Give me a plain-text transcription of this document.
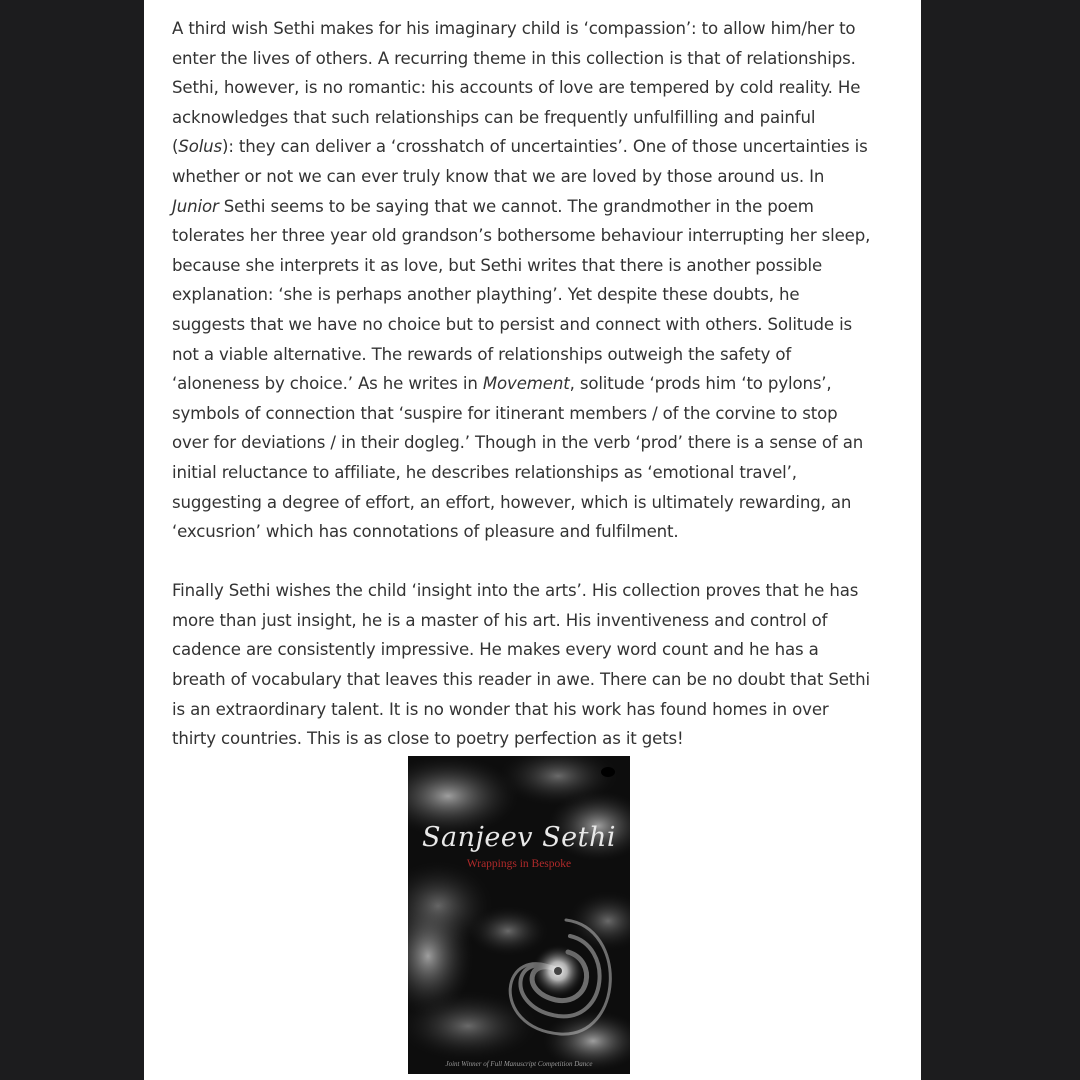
A third wish Sethi makes for his imaginary child is ‘compassion’: to allow him/her to enter the lives of others. A recurring theme in this collection is that of relationships. Sethi, however, is no romantic: his accounts of love are tempered by cold reality. He acknowledges that such relationships can be frequently unfulfilling and painful (Solus): they can deliver a ‘crosshatch of uncertainties’. One of those uncertainties is whether or not we can ever truly know that we are loved by those around us. In Junior Sethi seems to be saying that we cannot. The grandmother in the poem tolerates her three year old grandson’s bothersome behaviour interrupting her sleep, because she interprets it as love, but Sethi writes that there is another possible explanation: ‘she is perhaps another plaything’. Yet despite these doubts, he suggests that we have no choice but to persist and connect with others. Solitude is not a viable alternative. The rewards of relationships outweigh the safety of ‘aloneness by choice.’ As he writes in Movement, solitude ‘prods him ‘to pylons’, symbols of connection that ‘suspire for itinerant members / of the corvine to stop over for deviations / in their dogleg.’ Though in the verb ‘prod’ there is a sense of an initial reluctance to affiliate, he describes relationships as ‘emotional travel’, suggesting a degree of effort, an effort, however, which is ultimately rewarding, an ‘excusrion’ which has connotations of pleasure and fulfilment.

Finally Sethi wishes the child ‘insight into the arts’. His collection proves that he has more than just insight, he is a master of his art. His inventiveness and control of cadence are consistently impressive. He makes every word count and he has a breath of vocabulary that leaves this reader in awe. There can be no doubt that Sethi is an extraordinary talent. It is no wonder that his work has found homes in over thirty countries. This is as close to poetry perfection as it gets!

Sanjeev Sethi
Wrappings in Bespoke
Joint Winner of Full Manuscript Competition Dance
